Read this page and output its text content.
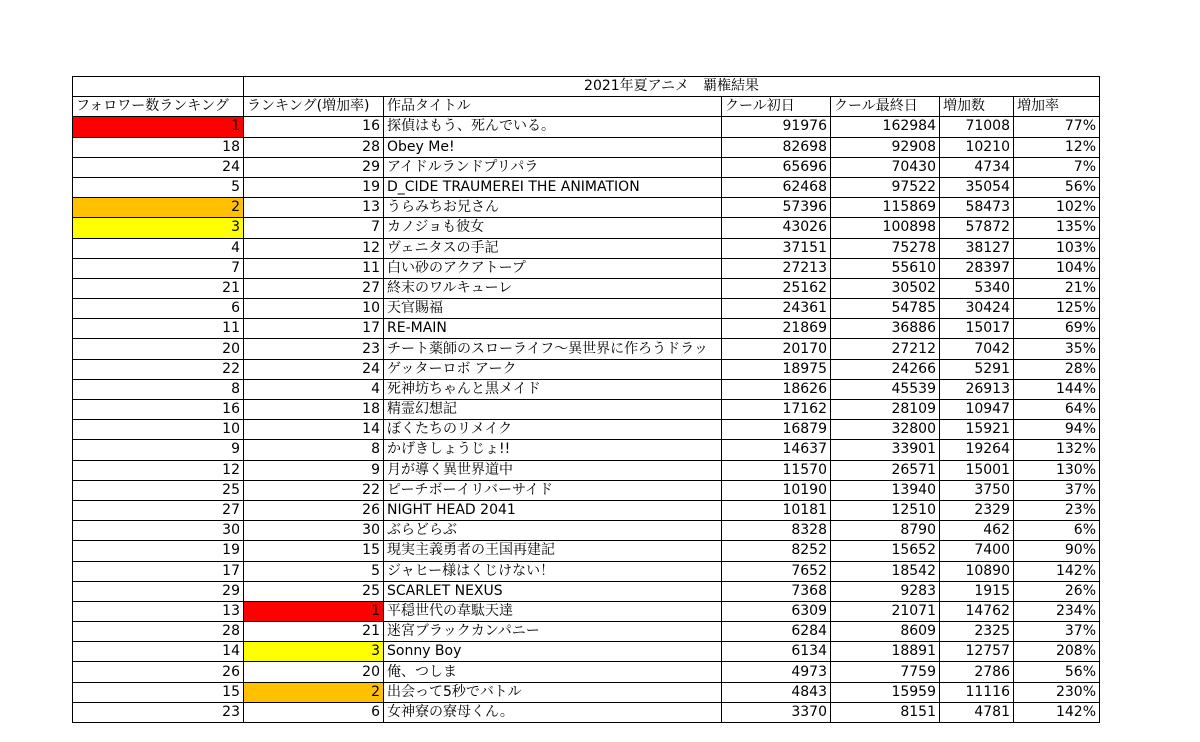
	2021年夏アニメ　覇権結果					
フォロワー数ランキング	ランキング(増加率)	作品タイトル	クール初日	クール最終日	増加数	増加率
1	16	探偵はもう、死んでいる。	91976	162984	71008	77%
18	28	Obey Me!	82698	92908	10210	12%
24	29	アイドルランドプリパラ	65696	70430	4734	7%
5	19	D_CIDE TRAUMEREI THE ANIMATION	62468	97522	35054	56%
2	13	うらみちお兄さん	57396	115869	58473	102%
3	7	カノジョも彼女	43026	100898	57872	135%
4	12	ヴェニタスの手記	37151	75278	38127	103%
7	11	白い砂のアクアトープ	27213	55610	28397	104%
21	27	終末のワルキューレ	25162	30502	5340	21%
6	10	天官賜福	24361	54785	30424	125%
11	17	RE-MAIN	21869	36886	15017	69%
20	23	チート薬師のスローライフ～異世界に作ろうドラッ	20170	27212	7042	35%
22	24	ゲッターロボ アーク	18975	24266	5291	28%
8	4	死神坊ちゃんと黒メイド	18626	45539	26913	144%
16	18	精霊幻想記	17162	28109	10947	64%
10	14	ぼくたちのリメイク	16879	32800	15921	94%
9	8	かげきしょうじょ!!	14637	33901	19264	132%
12	9	月が導く異世界道中	11570	26571	15001	130%
25	22	ピーチボーイリバーサイド	10190	13940	3750	37%
27	26	NIGHT HEAD 2041	10181	12510	2329	23%
30	30	ぶらどらぶ	8328	8790	462	6%
19	15	現実主義勇者の王国再建記	8252	15652	7400	90%
17	5	ジャヒー様はくじけない！	7652	18542	10890	142%
29	25	SCARLET NEXUS	7368	9283	1915	26%
13	1	平穏世代の韋駄天達	6309	21071	14762	234%
28	21	迷宮ブラックカンパニー	6284	8609	2325	37%
14	3	Sonny Boy	6134	18891	12757	208%
26	20	俺、つしま	4973	7759	2786	56%
15	2	出会って5秒でバトル	4843	15959	11116	230%
23	6	女神寮の寮母くん。	3370	8151	4781	142%
